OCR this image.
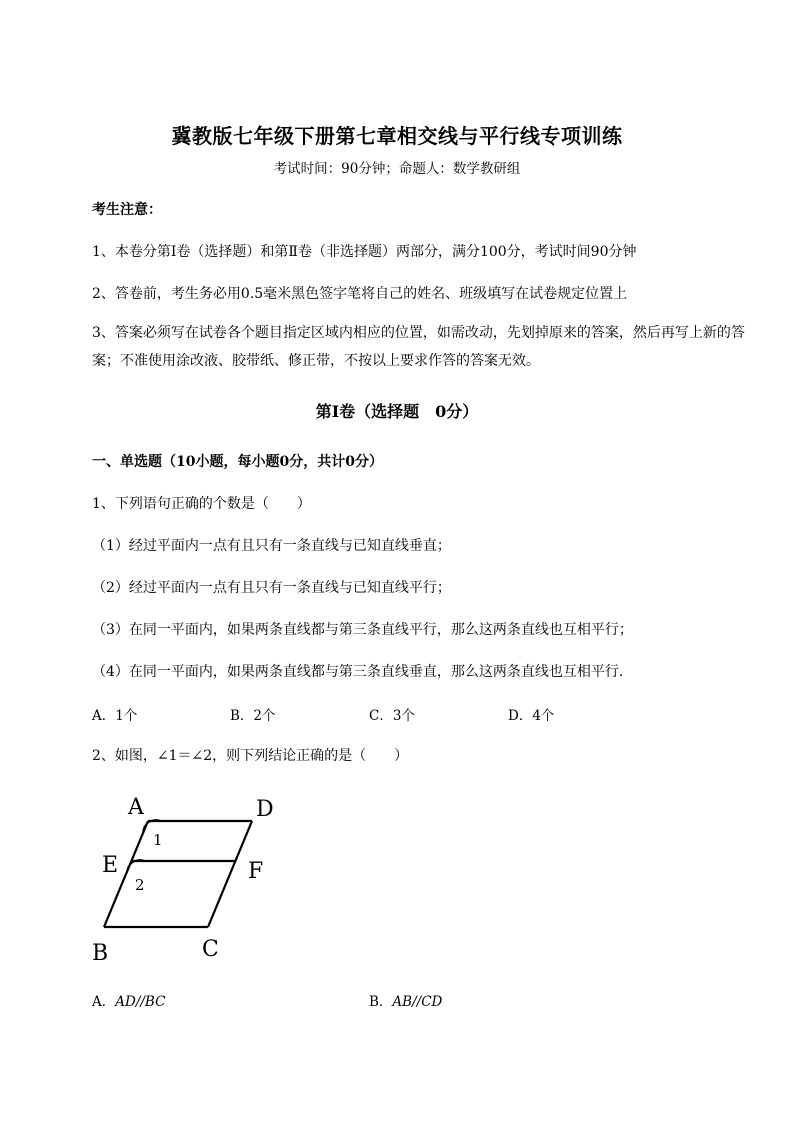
冀教版七年级下册第七章相交线与平行线专项训练
考试时间：90分钟；命题人：数学教研组
考生注意：
1、本卷分第Ⅰ卷（选择题）和第Ⅱ卷（非选择题）两部分，满分100分，考试时间90分钟
2、答卷前，考生务必用0.5毫米黑色签字笔将自己的姓名、班级填写在试卷规定位置上
3、答案必须写在试卷各个题目指定区域内相应的位置，如需改动，先划掉原来的答案，然后再写上新的答案；不准使用涂改液、胶带纸、修正带，不按以上要求作答的答案无效。
第Ⅰ卷（选择题　0分）
一、单选题（10小题，每小题0分，共计0分）
1、下列语句正确的个数是（　　）
（1）经过平面内一点有且只有一条直线与已知直线垂直；
（2）经过平面内一点有且只有一条直线与已知直线平行；
（3）在同一平面内，如果两条直线都与第三条直线平行，那么这两条直线也互相平行；
（4）在同一平面内，如果两条直线都与第三条直线垂直，那么这两条直线也互相平行．
A．1个	B．2个	C．3个	D．4个
2、如图，∠1＝∠2，则下列结论正确的是（　　）
A	D
E	F
B	C
1
2
A．AD//BC	B．AB//CD
